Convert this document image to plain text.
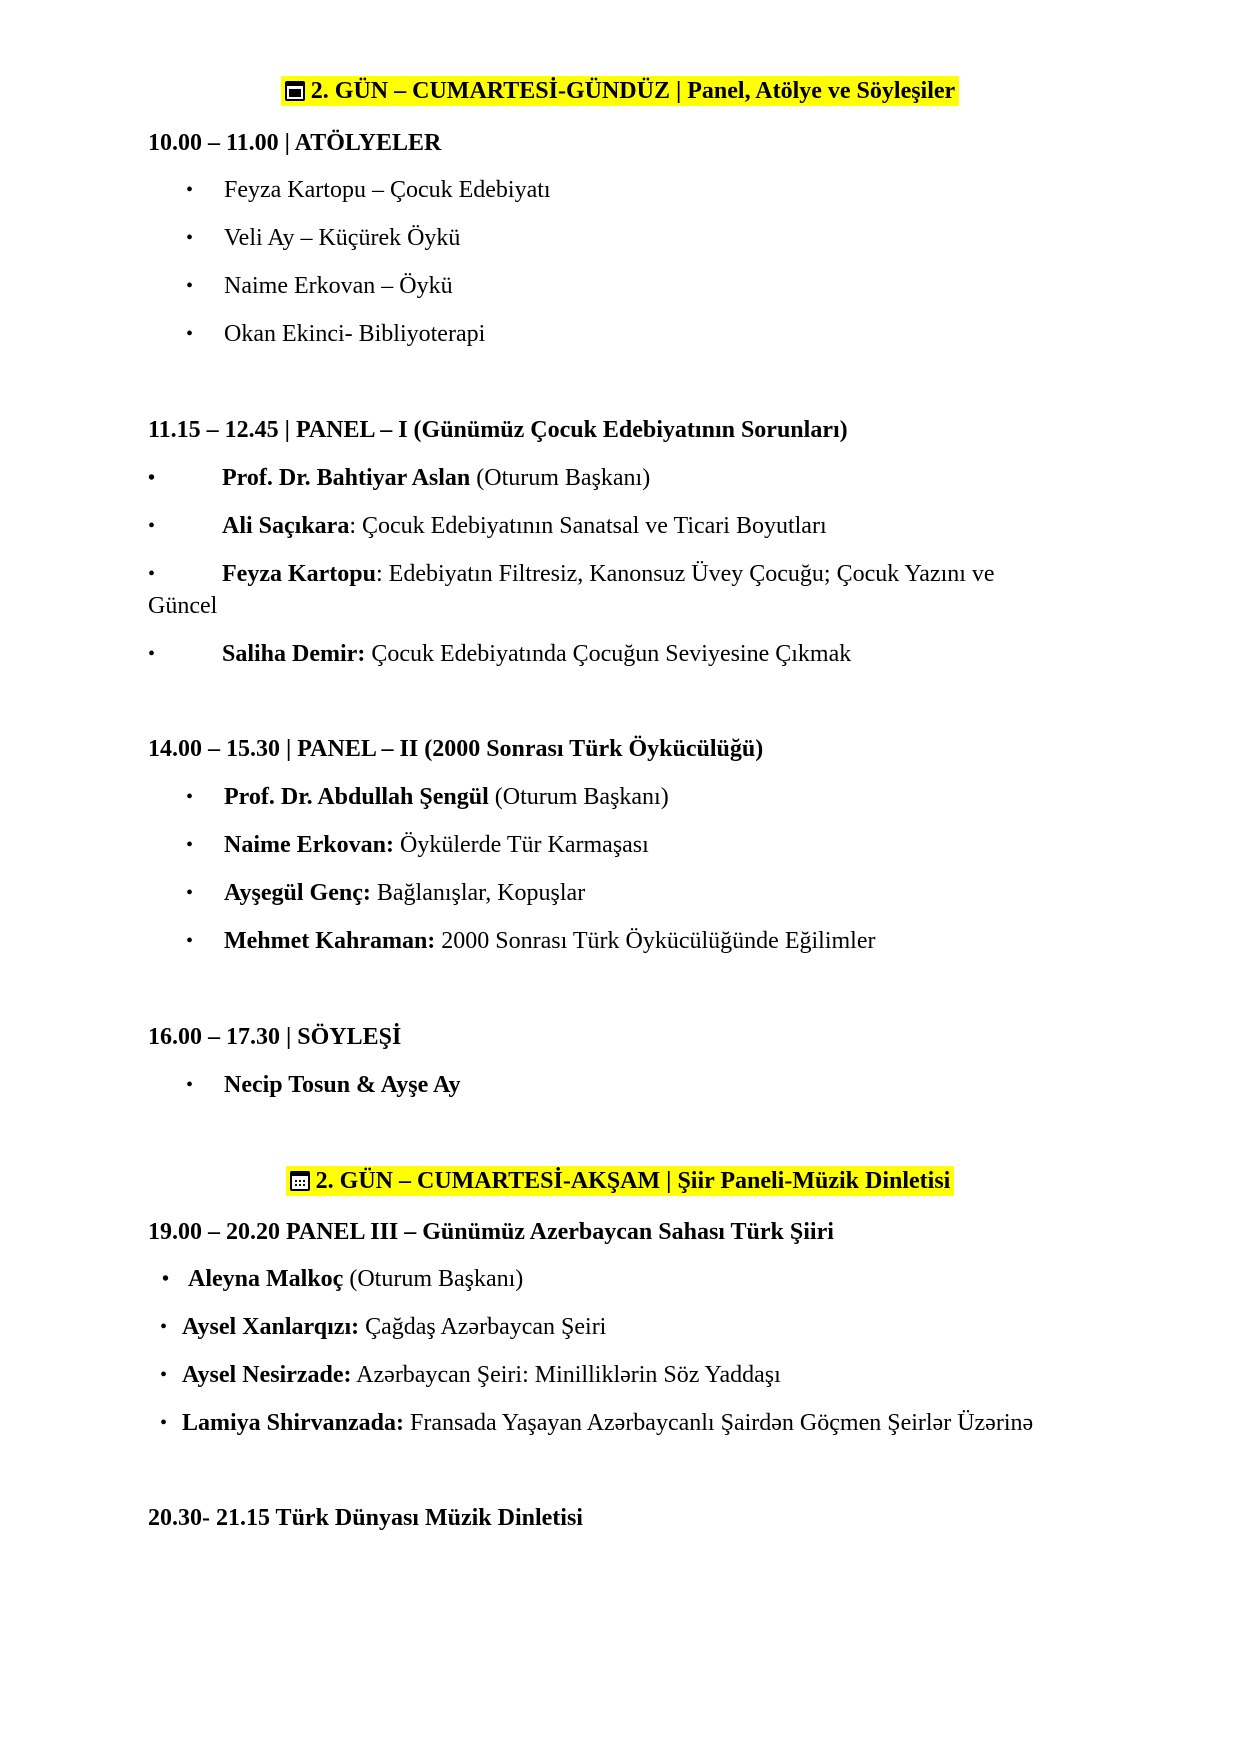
2. GÜN – CUMARTESİ-GÜNDÜZ | Panel, Atölye ve Söyleşiler
10.00 – 11.00 | ATÖLYELER
• Feyza Kartopu – Çocuk Edebiyatı
• Veli Ay – Küçürek Öykü
• Naime Erkovan – Öykü
• Okan Ekinci- Bibliyoterapi
11.15 – 12.45 | PANEL – I (Günümüz Çocuk Edebiyatının Sorunları)
•	Prof. Dr. Bahtiyar Aslan (Oturum Başkanı)
•	Ali Saçıkara: Çocuk Edebiyatının Sanatsal ve Ticari Boyutları
•	Feyza Kartopu: Edebiyatın Filtresiz, Kanonsuz Üvey Çocuğu; Çocuk Yazını ve
Güncel
•	Saliha Demir: Çocuk Edebiyatında Çocuğun Seviyesine Çıkmak
14.00 – 15.30 | PANEL – II (2000 Sonrası Türk Öykücülüğü)
• Prof. Dr. Abdullah Şengül (Oturum Başkanı)
• Naime Erkovan: Öykülerde Tür Karmaşası
• Ayşegül Genç: Bağlanışlar, Kopuşlar
• Mehmet Kahraman: 2000 Sonrası Türk Öykücülüğünde Eğilimler
16.00 – 17.30 | SÖYLEŞİ
• Necip Tosun & Ayşe Ay
2. GÜN – CUMARTESİ-AKŞAM | Şiir Paneli-Müzik Dinletisi
19.00 – 20.20 PANEL III – Günümüz Azerbaycan Sahası Türk Şiiri
• Aleyna Malkoç (Oturum Başkanı)
• Aysel Xanlarqızı: Çağdaş Azərbaycan Şeiri
• Aysel Nesirzade: Azərbaycan Şeiri: Minilliklərin Söz Yaddaşı
• Lamiya Shirvanzada: Fransada Yaşayan Azərbaycanlı Şairdən Göçmen Şeirlər Üzərinə
20.30- 21.15 Türk Dünyası Müzik Dinletisi
